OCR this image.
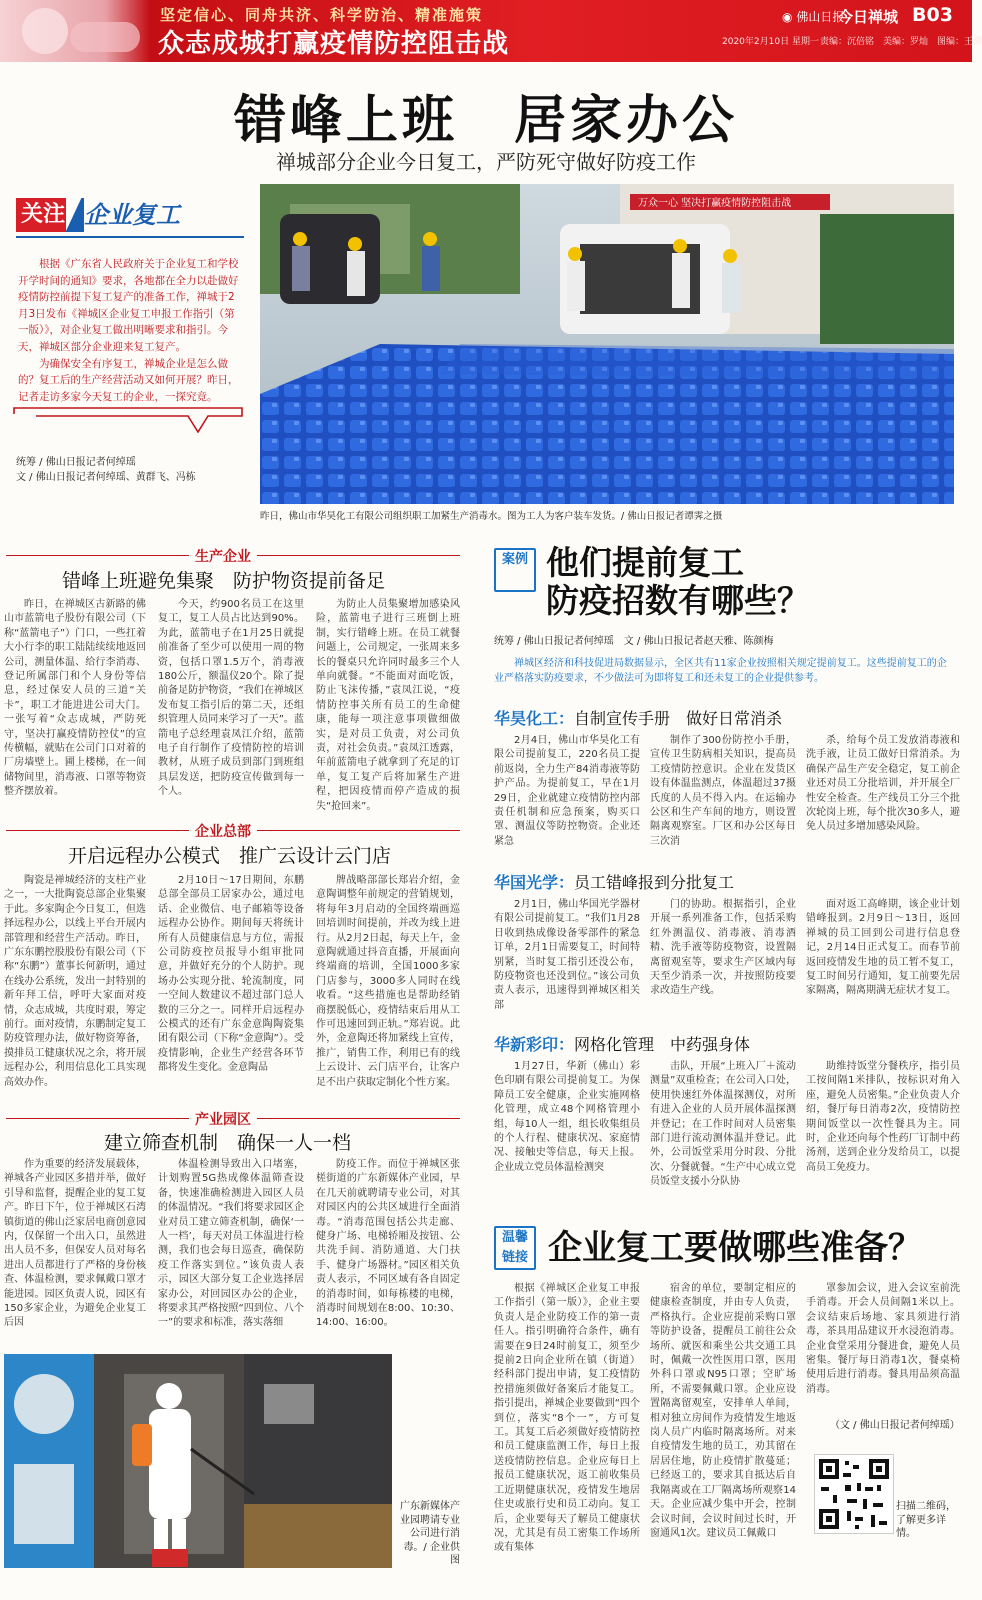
坚定信心、同舟共济、科学防治、精准施策
众志成城打赢疫情防控阻击战
◉ 佛山日报
今日禅城 B03
2020年2月10日 星期一 责编：沉倍铭　美编：罗灿　图编：王潮
错峰上班　居家办公
禅城部分企业今日复工，严防死守做好防疫工作
关注 企业复工

根据《广东省人民政府关于企业复工和学校开学时间的通知》要求，各地都在全力以赴做好疫情防控前提下复工复产的准备工作，禅城于2月3日发布《禅城区企业复工申报工作指引（第一版）》，对企业复工做出明晰要求和指引。今天，禅城区部分企业迎来复工复产。

为确保安全有序复工，禅城企业是怎么做的？复工后的生产经营活动又如何开展？昨日，记者走访多家今天复工的企业，一探究竟。

统筹 / 佛山日报记者何绰瑶
文 / 佛山日报记者何绰瑶、黄群飞、冯栋
万众一心 坚决打赢疫情防控阻击战
昨日，佛山市华昊化工有限公司组织职工加紧生产消毒水。图为工人为客户装车发货。/ 佛山日报记者谭霁之摄
生产企业
错峰上班避免集聚　防护物资提前备足
昨日，在禅城区古新路的佛山市蓝箭电子股份有限公司（下称“蓝箭电子”）门口，一些扛着大小行李的职工陆陆续续地返回公司，测量体温、给行李消毒、登记所属部门和个人身份等信息，经过保安人员的三道“关卡”，职工才能进进公司大门。一张写着“众志成城，严防死守，坚决打赢疫情防控仗”的宣传横幅，就贴在公司门口对着的厂房墙壁上。圃上楼梯，在一间储物间里，消毒液、口罩等物资整齐摆放着。
今天，约900名员工在这里复工，复工人员占比达到90%。为此，蓝箭电子在1月25日就提前准备了至少可以使用一周的物资，包括口罩1.5万个，消毒液180公斤，额温仪20个。除了提前备足防护物资，“我们在禅城区发布复工指引后的第二天，还组织管理人员同来学习了一天”。蓝箭电子总经理袁凤江介绍，蓝箭电子自行制作了疫情防控的培训教材，从班子成员到部门到班组具层发送，把防疫宣传做到每一个人。
为防止人员集聚增加感染风险，蓝箭电子进行三班倒上班制，实行错峰上班。在员工就餐问题上，公司规定，一张周来多长的餐桌只允许同时最多三个人单向就餐。“不能面对面吃饭，防止飞沫传播，”袁凤江说，“疫情防控事关所有员工的生命健康，能每一项注意事项做细做实，是对员工负责，对公司负责，对社会负责。”袁凤江透露，年前蓝箭电子就拿到了充足的订单，复工复产后将加紧生产进程，把因疫情而停产造成的损失“抢回来”。
企业总部
开启远程办公模式　推广云设计云门店
陶瓷是禅城经济的支柱产业之一，一大批陶瓷总部企业集聚于此。多家陶企今日复工，但选择远程办公，以线上平台开展内部管理和经营生产活动。昨日，广东东鹏控股股份有限公司（下称“东鹏”）董事长何新明，通过在线办公系统，发出一封特别的新年拜工信，呼吁大家面对疫情，众志成城，共度时艰，筹定前行。面对疫情，东鹏制定复工防疫管理办法，做好物资筹备，摸排员工健康状况之余，将开展远程办公，利用信息化工具实现高效办作。
2月10日～17日期间，东鹏总部全部员工居家办公，通过电话、企业微信、电子邮箱等设备远程办公协作。期间每天将统计所有人员健康信息与方位，需报公司防疫控员报导小组审批同意，并做好充分的个人防护。现场办公实现分批、轮流制度，同一空间人数建议不超过部门总人数的三分之一。同样开启远程办公模式的还有广东金意陶陶瓷集团有限公司（下称“金意陶”）。受疫情影响，企业生产经营各环节都将发生变化。金意陶品
牌战略部部长郑岩介绍，金意陶调整年前规定的营销规划，将每年3月启动的全国终端画巡回培训时间提前，并改为线上进行。从2月2日起，每天上午，金意陶就通过抖音直播，开展面向终端商的培训，全国1000多家门店参与，3000多人同时在线收看。“这些措施也是帮助经销商摆脱低心，疫情结束后用从工作可迅速回到正轨。”郑岩说。此外，金意陶还将加紧线上宣传，推广，销售工作，利用已有的线上云设计、云门店平台，让客户足不出户获取定制化个性方案。
产业园区
建立筛查机制　确保一人一档
作为重要的经济发展载体，禅城各产业园区多措并举，做好引导和监督，提醒企业的复工复产。昨日下午，位于禅城区石湾镇街道的佛山泛家居电商创意园内，仅保留一个出入口，虽然进出人员不多，但保安人员对每名进出人员都进行了严格的身份核查、体温检测，要求佩戴口罩才能进园。园区负责人说，园区有150多家企业，为避免企业复工后因
体温检测导致出入口堵塞，计划购置5G热成像体温筛查设备，快速准确检测进入园区人员的体温情况。“我们将要求园区企业对员工建立筛查机制，确保‘一人一档’，每天对员工体温进行检测，我们也会每日巡查，确保防疫工作落实到位。”该负责人表示，园区大部分复工企业选择居家办公，对回园区办公的企业，将要求其严格按照“四到位、八个一”的要求和标准，落实落细
防疫工作。而位于禅城区张槎街道的广东新媒体产业园，早在几天前就聘请专业公司，对其对园区内的公共区域进行全面消毒。“消毒范围包括公共走廊、健身广场、电梯轿厢及按钮、公共洗手间、消防通道、大门扶手、健身广场器材。”园区相关负责人表示，不同区域有各自固定的消毒时间，如每栋楼的电梯，消毒时间规划在8:00、10:30、14:00、16:00。
广东新媒体产业园聘请专业公司进行消毒。/ 企业供图
案例 他们提前复工
防疫招数有哪些？
统筹 / 佛山日报记者何绰瑶　文 / 佛山日报记者赵天雅、陈颜梅
禅城区经济和科技促进局数据显示，全区共有11家企业按照相关规定提前复工。这些提前复工的企业严格落实防疫要求，不少做法可为即将复工和还未复工的企业提供参考。
华昊化工：自制宣传手册　做好日常消杀
2月4日，佛山市华昊化工有限公司提前复工，220名员工提前返岗，全力生产84消毒液等防护产品。为提前复工，早在1月29日，企业就建立疫情防控内部责任机制和应急预案，购买口罩、测温仪等防控物资。企业还紧急
制作了300份防控小手册，宣传卫生防病相关知识，提高员工疫情防控意识。企业在发货区设有体温监测点，体温超过37摄氏度的人员不得入内。在运输办公区和生产车间的地方，则设置隔离观察室。厂区和办公区每日三次消
杀，给每个员工发放消毒液和洗手液，让员工做好日常消杀。为确保产品生产安全稳定，复工前企业还对员工分批培训，并开展全厂性安全检查。生产线员工分三个批次轮岗上班，每个批次30多人，避免人员过多增加感染风险。
华国光学：员工错峰报到分批复工
2月1日，佛山华国光学器材有限公司提前复工。“我们1月28日收到热成像设备零部件的紧急订单，2月1日需要复工，时间特别紧，当时复工指引还没公布，防疫物资也还没到位。”该公司负责人表示，迅速得到禅城区相关部
门的协助。根据指引，企业开展一系列准备工作，包括采购红外测温仪、消毒液、消毒酒精、洗手液等防疫物资，设置隔离留观室等，要求生产区域内每天至少消杀一次，并按照防疫要求改造生产线。
面对返工高峰期，该企业计划错峰报到。2月9日～13日，返回禅城的员工回到公司进行信息登记，2月14日正式复工。而春节前返回疫情发生地的员工暂不复工，复工时间另行通知，复工前要先居家隔离，隔离期满无症状才复工。
华新彩印：网格化管理　中药强身体
1月27日，华新（佛山）彩色印刷有限公司提前复工。为保障员工安全健康，企业实施网格化管理，成立48个网格管理小组，每10人一组，组长收集组员的个人行程、健康状况、家庭情况、接触史等信息，每天上报。企业成立党员体温检测突
击队，开展“上班入厂＋流动测量”双重检查；在公司入口处，使用快速红外体温探测仪，对所有进入企业的人员开展体温探测并登记；在工作时间对人员密集部门进行流动测体温并登记。此外，公司饭堂采用分时段、分批次、分餐就餐。“生产中心成立党员饭堂支援小分队协
助维持饭堂分餐秩序，指引员工按间隔1米排队，按标识对角入座，避免人员密集。”企业负责人介绍，餐厅每日消毒2次，疫情防控期间饭堂以一次性餐具为主。同时，企业还向每个性药厂订制中药汤剂，送到企业分发给员工，以提高员工免疫力。
温馨链接 企业复工要做哪些准备？
根据《禅城区企业复工申报工作指引（第一版）》，企业主要负责人是企业防疫工作的第一责任人。指引明确符合条件，确有需要在9日24时前复工，须至少提前2日向企业所在镇（街道）经科部门提出申请，复工疫情防控措施须做好备案后才能复工。指引提出，禅城企业要做到“四个到位，落实“8个一”，方可复工。其复工后必须做好疫情防控和员工健康监测工作，每日上报送疫情防控信息。企业应每日上报员工健康状况，返工前收集员工近期健康状况，疫情发生地居住史或旅行史和员工动向。复工后，企业要每天了解员工健康状况，尤其是有员工密集工作场所或有集体
宿舍的单位，要制定相应的健康检查制度，并由专人负责，严格执行。企业应提前采购口罩等防护设备，提醒员工前往公众场所、就医和乘坐公共交通工具时，佩戴一次性医用口罩，医用外科口罩或N95口罩；空旷场所，不需要佩戴口罩。企业应设置隔离留观室，安排单人单间，相对独立房间作为疫情发生地返岗人员广内临时隔离场所。对来自疫情发生地的员工，劝其留在居居住地，防止疫情扩散蔓延；已经返工的，要求其自抵达后自我隔离或在工厂隔离场所观察14天。企业应减少集中开会，控制会议时间，会议时间过长时，开窗通风1次。建议员工佩戴口
罩参加会议，进入会议室前洗手消毒。开会人员间隔1米以上。会议结束后场地、家具须进行消毒，茶具用品建议开水浸泡消毒。企业食堂采用分餐进食，避免人员密集。餐厅每日消毒1次，餐桌椅使用后进行消毒。餐具用品须高温消毒。
（文 / 佛山日报记者何绰瑶）
扫描二维码，了解更多详情。
